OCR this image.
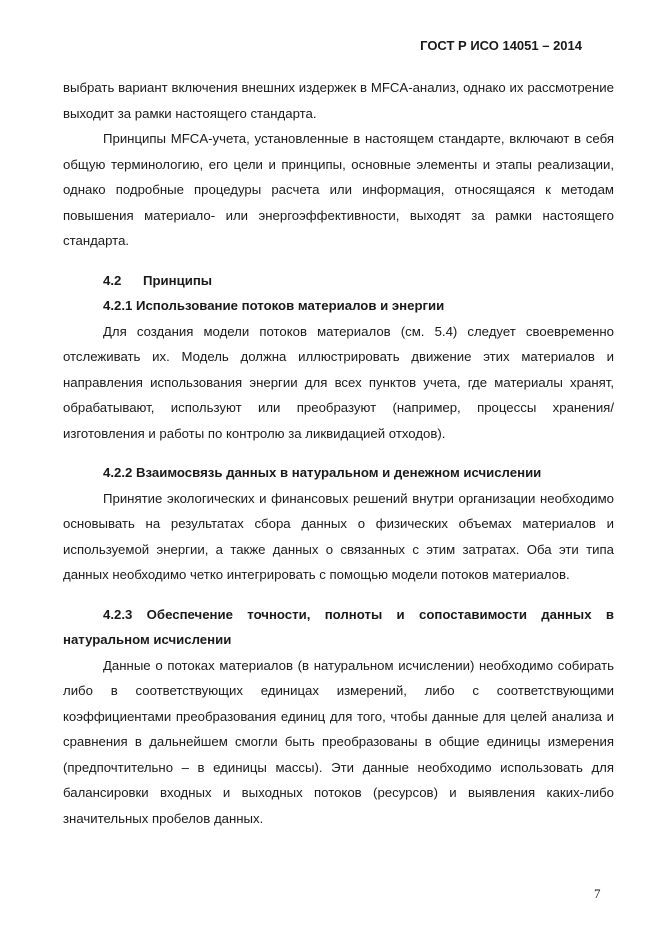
ГОСТ Р ИСО 14051 – 2014

выбрать вариант включения внешних издержек в MFCA-анализ, однако их рассмотрение выходит за рамки настоящего стандарта.

Принципы MFCA-учета, установленные в настоящем стандарте, включают в себя общую терминологию, его цели и принципы, основные элементы и этапы реализации, однако подробные процедуры расчета или информация, относящаяся к методам повышения материало- или энергоэффективности, выходят за рамки настоящего стандарта.

4.2 Принципы

4.2.1 Использование потоков материалов и энергии

Для создания модели потоков материалов (см. 5.4) следует своевременно отслеживать их. Модель должна иллюстрировать движение этих материалов и направления использования энергии для всех пунктов учета, где материалы хранят, обрабатывают, используют или преобразуют (например, процессы хранения/изготовления и работы по контролю за ликвидацией отходов).

4.2.2 Взаимосвязь данных в натуральном и денежном исчислении

Принятие экологических и финансовых решений внутри организации необходимо основывать на результатах сбора данных о физических объемах материалов и используемой энергии, а также данных о связанных с этим затратах. Оба эти типа данных необходимо четко интегрировать с помощью модели потоков материалов.

4.2.3 Обеспечение точности, полноты и сопоставимости данных в натуральном исчислении

Данные о потоках материалов (в натуральном исчислении) необходимо собирать либо в соответствующих единицах измерений, либо с соответствующими коэффициентами преобразования единиц для того, чтобы данные для целей анализа и сравнения в дальнейшем смогли быть преобразованы в общие единицы измерения (предпочтительно – в единицы массы). Эти данные необходимо использовать для балансировки входных и выходных потоков (ресурсов) и выявления каких-либо значительных пробелов данных.

7
